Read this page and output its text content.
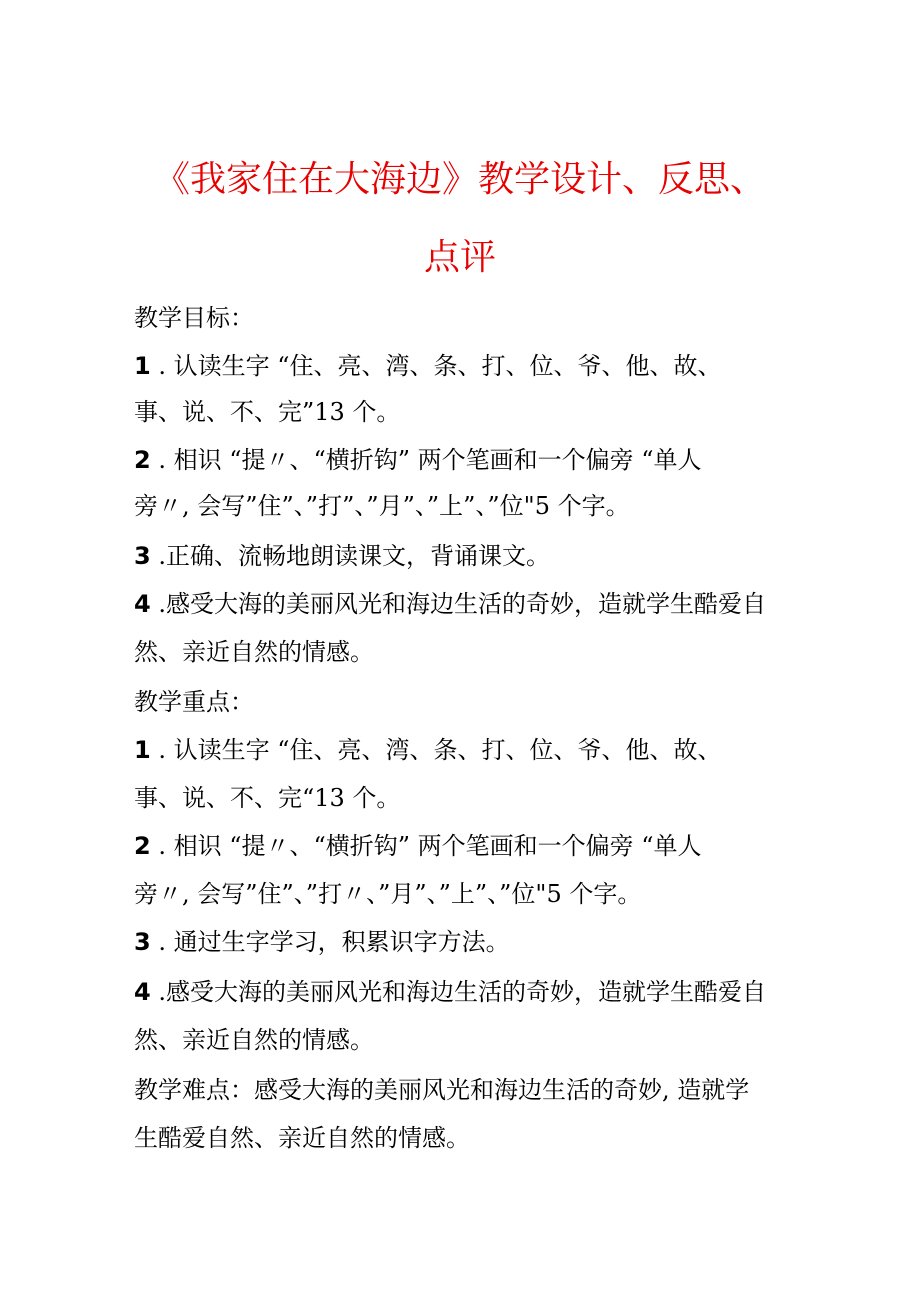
《我家住在大海边》教学设计、反思、
点评
教学目标：
1 . 认读生字 “住、亮、湾、条、打、位、爷、他、故、
事、说、不、完”13 个。
2 . 相识 “提〃、“横折钩” 两个笔画和一个偏旁 “单人
旁〃, 会写”住”、”打”、”月”、”上”、”位"5 个字。
3 .正确、流畅地朗读课文，背诵课文。
4 .感受大海的美丽风光和海边生活的奇妙，造就学生酷爱自
然、亲近自然的情感。
教学重点：
1 . 认读生字 “住、亮、湾、条、打、位、爷、他、故、
事、说、不、完“13 个。
2 . 相识 “提〃、“横折钩” 两个笔画和一个偏旁 “单人
旁〃, 会写”住”、”打〃、”月”、”上”、”位"5 个字。
3 . 通过生字学习，积累识字方法。
4 .感受大海的美丽风光和海边生活的奇妙，造就学生酷爱自
然、亲近自然的情感。
教学难点：感受大海的美丽风光和海边生活的奇妙, 造就学
生酷爱自然、亲近自然的情感。
